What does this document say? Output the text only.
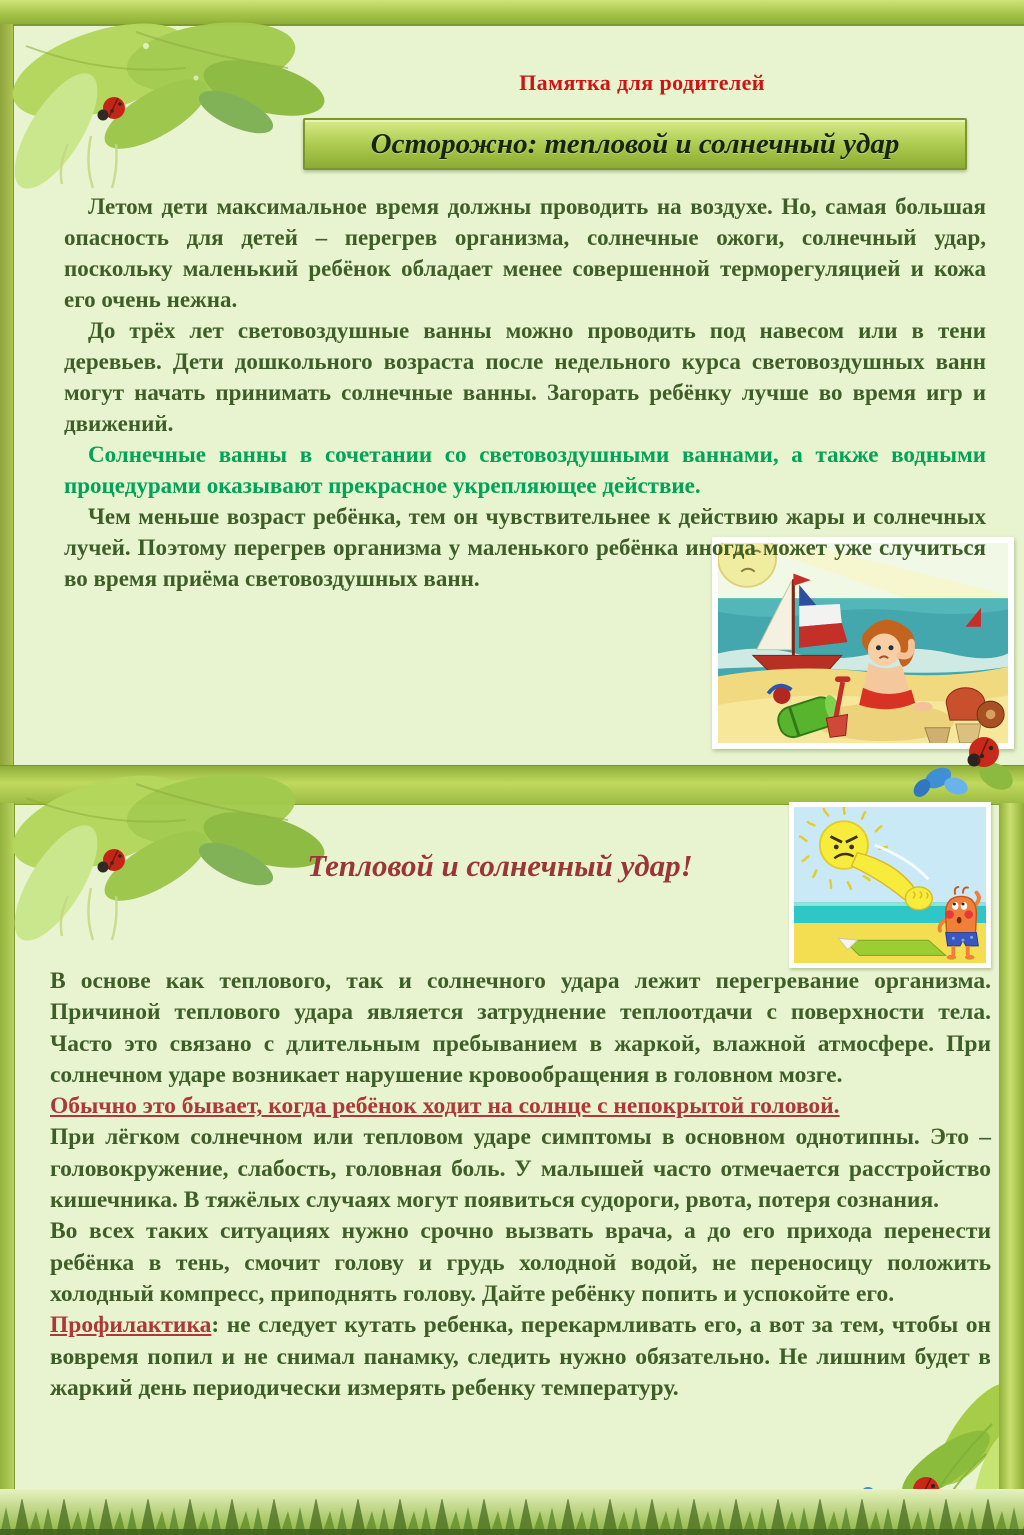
Памятка для родителей
Осторожно: тепловой и солнечный удар

Летом дети максимальное время должны проводить на воздухе. Но, самая большая опасность для детей – перегрев организма, солнечные ожоги, солнечный удар, поскольку маленький ребёнок обладает менее совершенной терморегуляцией и кожа его очень нежна.

До трёх лет световоздушные ванны можно проводить под навесом или в тени деревьев. Дети дошкольного возраста после недельного курса световоздушных ванн могут начать принимать солнечные ванны. Загорать ребёнку лучше во время игр и движений.

Солнечные ванны в сочетании со световоздушными ваннами, а также водными процедурами оказывают прекрасное укрепляющее действие.

Чем меньше возраст ребёнка, тем он чувствительнее к действию жары и солнечных лучей. Поэтому перегрев организма у маленького ребёнка иногда может уже случиться во время приёма световоздушных ванн.

Тепловой и солнечный удар!

В основе как теплового, так и солнечного удара лежит перегревание организма. Причиной теплового удара является затруднение теплоотдачи с поверхности тела. Часто это связано с длительным пребыванием в жаркой, влажной атмосфере. При солнечном ударе возникает нарушение кровообращения в головном мозге.

Обычно это бывает, когда ребёнок ходит на солнце с непокрытой головой.

При лёгком солнечном или тепловом ударе симптомы в основном однотипны. Это – головокружение, слабость, головная боль. У малышей часто отмечается расстройство кишечника. В тяжёлых случаях могут появиться судороги, рвота, потеря сознания.

Во всех таких ситуациях нужно срочно вызвать врача, а до его прихода перенести ребёнка в тень, смочит голову и грудь холодной водой, не переносицу положить холодный компресс, приподнять голову. Дайте ребёнку попить и успокойте его.

Профилактика: не следует кутать ребенка, перекармливать его, а вот за тем, чтобы он вовремя попил и не снимал панамку, следить нужно обязательно. Не лишним будет в жаркий день периодически измерять ребенку температуру.
